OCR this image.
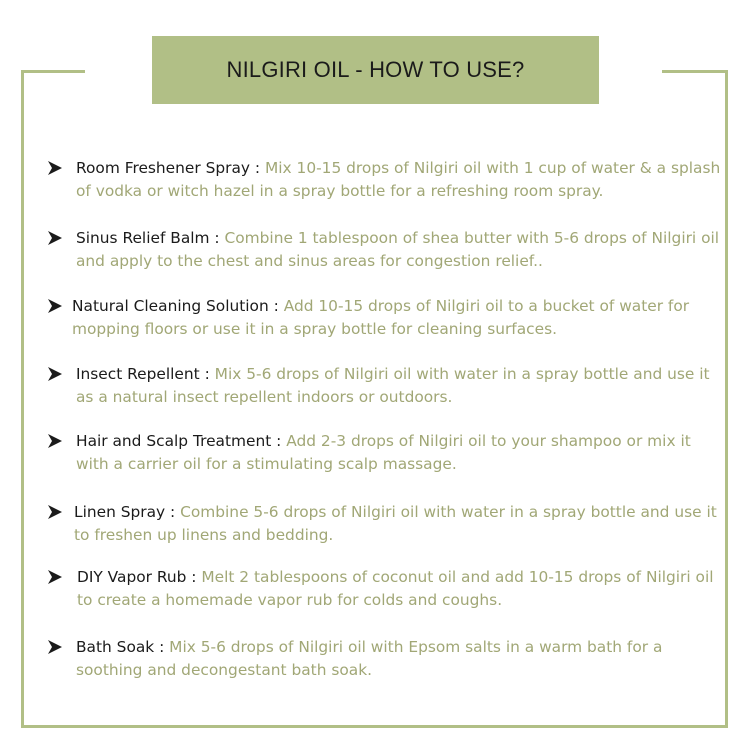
NILGIRI OIL - HOW TO USE?
Room Freshener Spray : Mix 10-15 drops of Nilgiri oil with 1 cup of water & a splash of vodka or witch hazel in a spray bottle for a refreshing room spray.
Sinus Relief Balm : Combine 1 tablespoon of shea butter with 5-6 drops of Nilgiri oil and apply to the chest and sinus areas for congestion relief..
Natural Cleaning Solution : Add 10-15 drops of Nilgiri oil to a bucket of water for mopping floors or use it in a spray bottle for cleaning surfaces.
Insect Repellent : Mix 5-6 drops of Nilgiri oil with water in a spray bottle and use it as a natural insect repellent indoors or outdoors.
Hair and Scalp Treatment : Add 2-3 drops of Nilgiri oil to your shampoo or mix it with a carrier oil for a stimulating scalp massage.
Linen Spray : Combine 5-6 drops of Nilgiri oil with water in a spray bottle and use it to freshen up linens and bedding.
DIY Vapor Rub : Melt 2 tablespoons of coconut oil and add 10-15 drops of Nilgiri oil to create a homemade vapor rub for colds and coughs.
Bath Soak : Mix 5-6 drops of Nilgiri oil with Epsom salts in a warm bath for a soothing and decongestant bath soak.
